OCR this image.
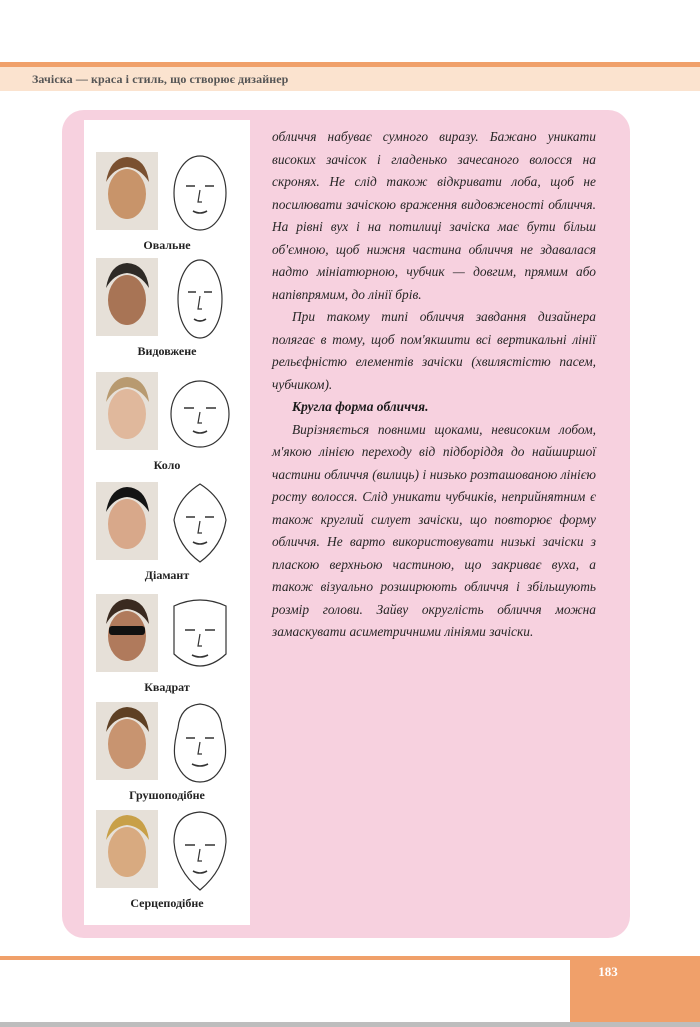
Зачіска — краса і стиль, що створює дизайнер
Овальне
Видовжене
Коло
Діамант
Квадрат
Грушоподібне
Серцеподібне

обличчя набуває сумного виразу. Бажано уникати високих зачісок і гладенько зачесаного волосся на скронях. Не слід також відкривати лоба, щоб не посилювати зачіскою враження видовженості обличчя. На рівні вух і на потилиці зачіска має бути більш об'ємною, щоб нижня частина обличчя не здавалася надто мініатюрною, чубчик — довгим, прямим або напівпрямим, до лінії брів.

При такому типі обличчя завдання дизайнера полягає в тому, щоб пом'якшити всі вертикальні лінії рельєфністю елементів зачіски (хвилястістю пасем, чубчиком).

Кругла форма обличчя.

Вирізняється повними щоками, невисоким лобом, м'якою лінією переходу від підборіддя до найширшої частини обличчя (вилиць) і низько розташованою лінією росту волосся. Слід уникати чубчиків, неприйнятним є також круглий силует зачіски, що повторює форму обличчя. Не варто використовувати низькі зачіски з пласкою верхньою частиною, що закриває вуха, а також візуально розширюють обличчя і збільшують розмір голови. Зайву округлість обличчя можна замаскувати асиметричними лініями зачіски.

183
